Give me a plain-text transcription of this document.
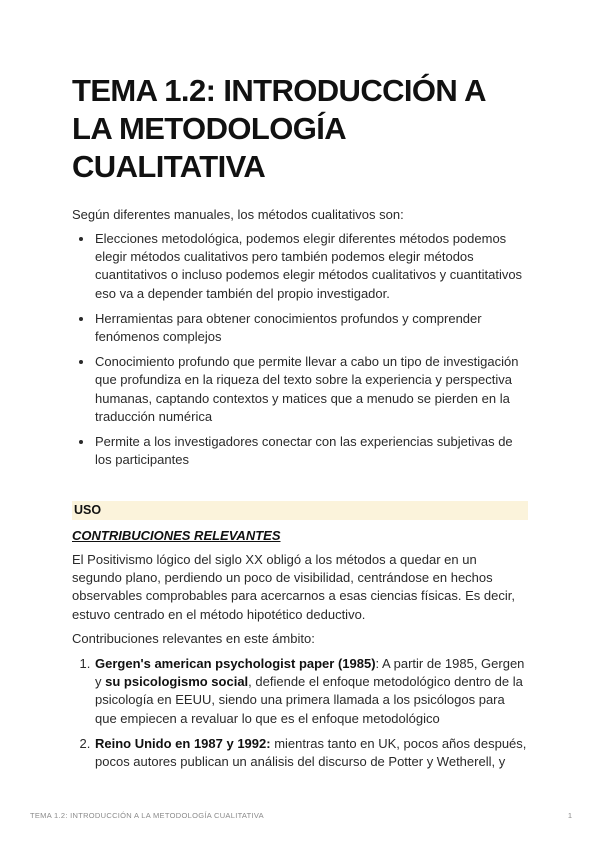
TEMA 1.2: INTRODUCCIÓN A LA METODOLOGÍA CUALITATIVA

Según diferentes manuales, los métodos cualitativos son:

• Elecciones metodológica, podemos elegir diferentes métodos podemos elegir métodos cualitativos pero también podemos elegir métodos cuantitativos o incluso podemos elegir métodos cualitativos y cuantitativos eso va a depender también del propio investigador.
• Herramientas para obtener conocimientos profundos y comprender fenómenos complejos
• Conocimiento profundo que permite llevar a cabo un tipo de investigación que profundiza en la riqueza del texto sobre la experiencia y perspectiva humanas, captando contextos y matices que a menudo se pierden en la traducción numérica
• Permite a los investigadores conectar con las experiencias subjetivas de los participantes
USO

CONTRIBUCIONES RELEVANTES

El Positivismo lógico del siglo XX obligó a los métodos a quedar en un segundo plano, perdiendo un poco de visibilidad, centrándose en hechos observables comprobables para acercarnos a esas ciencias físicas. Es decir, estuvo centrado en el método hipotético deductivo.

Contribuciones relevantes en este ámbito:

1. Gergen's american psychologist paper (1985): A partir de 1985, Gergen y su psicologismo social, defiende el enfoque metodológico dentro de la psicología en EEUU, siendo una primera llamada a los psicólogos para que empiecen a revaluar lo que es el enfoque metodológico
2. Reino Unido en 1987 y 1992: mientras tanto en UK, pocos años después, pocos autores publican un análisis del discurso de Potter y Wetherell, y
TEMA 1.2: INTRODUCCIÓN A LA METODOLOGÍA CUALITATIVA	1
